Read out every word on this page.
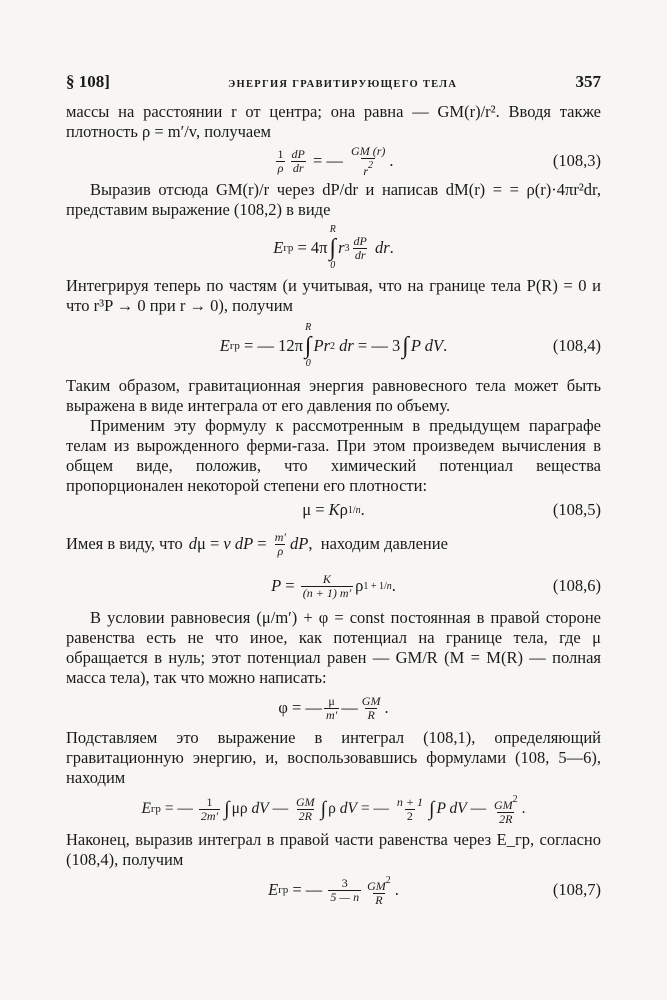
§ 108]	ЭНЕРГИЯ ГРАВИТИРУЮЩЕГО ТЕЛА	357

массы на расстоянии r от центра; она равна — GM(r)/r². Вводя также плотность ρ = m′/v, получаем

$\frac{1}{\rho} \frac{dP}{dr}$ = — $\frac{GM (r)}{r^2}$ .	(108,3)

Выразив отсюда GM(r)/r через dP/dr и написав dM(r) = = ρ(r)·4πr²dr, представим выражение (108,2) в виде

E гр = 4π
R
∫
0
r $3 \frac{dP}{dr}$ dr .

Интегрируя теперь по частям (и учитывая, что на границе тела P(R) = 0 и что r³P → 0 при r → 0), получим

E гр = — 12π
R
∫
0
Pr 2 dr = — 3
∫
P dV .	(108,4)

Таким образом, гравитационная энергия равновесного тела может быть выражена в виде интеграла от его давления по объему.

Применим эту формулу к рассмотренным в предыдущем параграфе телам из вырожденного ферми-газа. При этом произведем вычисления в общем виде, положив, что химический потенциал вещества пропорционален некоторой степени его плотности:

μ = K ρ 1/n .	(108,5)
Имея в виду, что d μ = v dP = $\frac{m'}{\rho}$ dP , находим давление
$P = \frac{K}{(n + 1) m'}$ ρ 1 + 1/n .	(108,6)

В условии равновесия (μ/m′) + φ = const постоянная в правой стороне равенства есть не что иное, как потенциал на границе тела, где μ обращается в нуль; этот потенциал равен — GM/R (M = M(R) — полная масса тела), так что можно написать:

φ = — $\frac{\mu}{m'}$ — $\frac{GM}{R}$ .

Подставляем это выражение в интеграл (108,1), определяющий гравитационную энергию, и, воспользовавшись формулами (108, 5—6), находим

E гр = — $\frac{1}{2m'}$
∫
μρ dV — $\frac{GM}{2R}$
∫
ρ dV = — $\frac{n + 1}{2}$
∫
P dV — $\frac{GM^2}{2R}$ .

Наконец, выразив интеграл в правой части равенства через E_гр, согласно (108,4), получим

E гр = — $\frac{3}{5 — n} \frac{GM^2}{R}$ .	(108,7)
